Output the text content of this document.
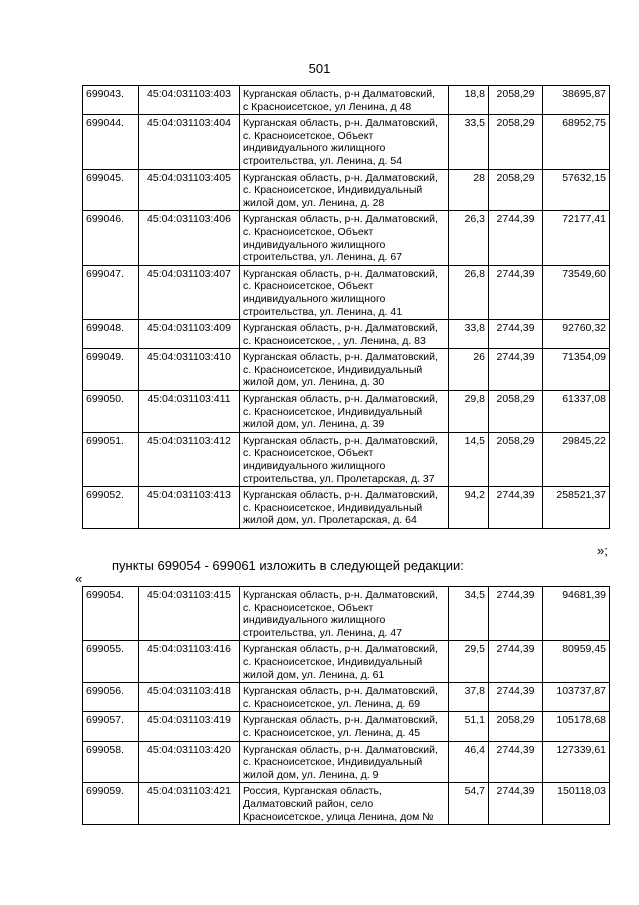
501
699043.	45:04:031103:403	Курганская область, р-н Далматовский,
с Красноисетское, ул Ленина, д 48	18,8	2058,29	38695,87
699044.	45:04:031103:404	Курганская область, р-н. Далматовский,
с. Красноисетское, Объект
индивидуального жилищного
строительства, ул. Ленина, д. 54	33,5	2058,29	68952,75
699045.	45:04:031103:405	Курганская область, р-н. Далматовский,
с. Красноисетское, Индивидуальный
жилой дом, ул. Ленина, д. 28	28	2058,29	57632,15
699046.	45:04:031103:406	Курганская область, р-н. Далматовский,
с. Красноисетское, Объект
индивидуального жилищного
строительства, ул. Ленина, д. 67	26,3	2744,39	72177,41
699047.	45:04:031103:407	Курганская область, р-н. Далматовский,
с. Красноисетское, Объект
индивидуального жилищного
строительства, ул. Ленина, д. 41	26,8	2744,39	73549,60
699048.	45:04:031103:409	Курганская область, р-н. Далматовский,
с. Красноисетское, , ул. Ленина, д. 83	33,8	2744,39	92760,32
699049.	45:04:031103:410	Курганская область, р-н. Далматовский,
с. Красноисетское, Индивидуальный
жилой дом, ул. Ленина, д. 30	26	2744,39	71354,09
699050.	45:04:031103:411	Курганская область, р-н. Далматовский,
с. Красноисетское, Индивидуальный
жилой дом, ул. Ленина, д. 39	29,8	2058,29	61337,08
699051.	45:04:031103:412	Курганская область, р-н. Далматовский,
с. Красноисетское, Объект
индивидуального жилищного
строительства, ул. Пролетарская, д. 37	14,5	2058,29	29845,22
699052.	45:04:031103:413	Курганская область, р-н. Далматовский,
с. Красноисетское, Индивидуальный
жилой дом, ул. Пролетарская, д. 64	94,2	2744,39	258521,37
»;
пункты 699054 - 699061 изложить в следующей редакции:
«
699054.	45:04:031103:415	Курганская область, р-н. Далматовский,
с. Красноисетское, Объект
индивидуального жилищного
строительства, ул. Ленина, д. 47	34,5	2744,39	94681,39
699055.	45:04:031103:416	Курганская область, р-н. Далматовский,
с. Красноисетское, Индивидуальный
жилой дом, ул. Ленина, д. 61	29,5	2744,39	80959,45
699056.	45:04:031103:418	Курганская область, р-н. Далматовский,
с. Красноисетское, ул. Ленина, д. 69	37,8	2744,39	103737,87
699057.	45:04:031103:419	Курганская область, р-н. Далматовский,
с. Красноисетское, ул. Ленина, д. 45	51,1	2058,29	105178,68
699058.	45:04:031103:420	Курганская область, р-н. Далматовский,
с. Красноисетское, Индивидуальный
жилой дом, ул. Ленина, д. 9	46,4	2744,39	127339,61
699059.	45:04:031103:421	Россия, Курганская область,
Далматовский район, село
Красноисетское, улица Ленина, дом №	54,7	2744,39	150118,03
